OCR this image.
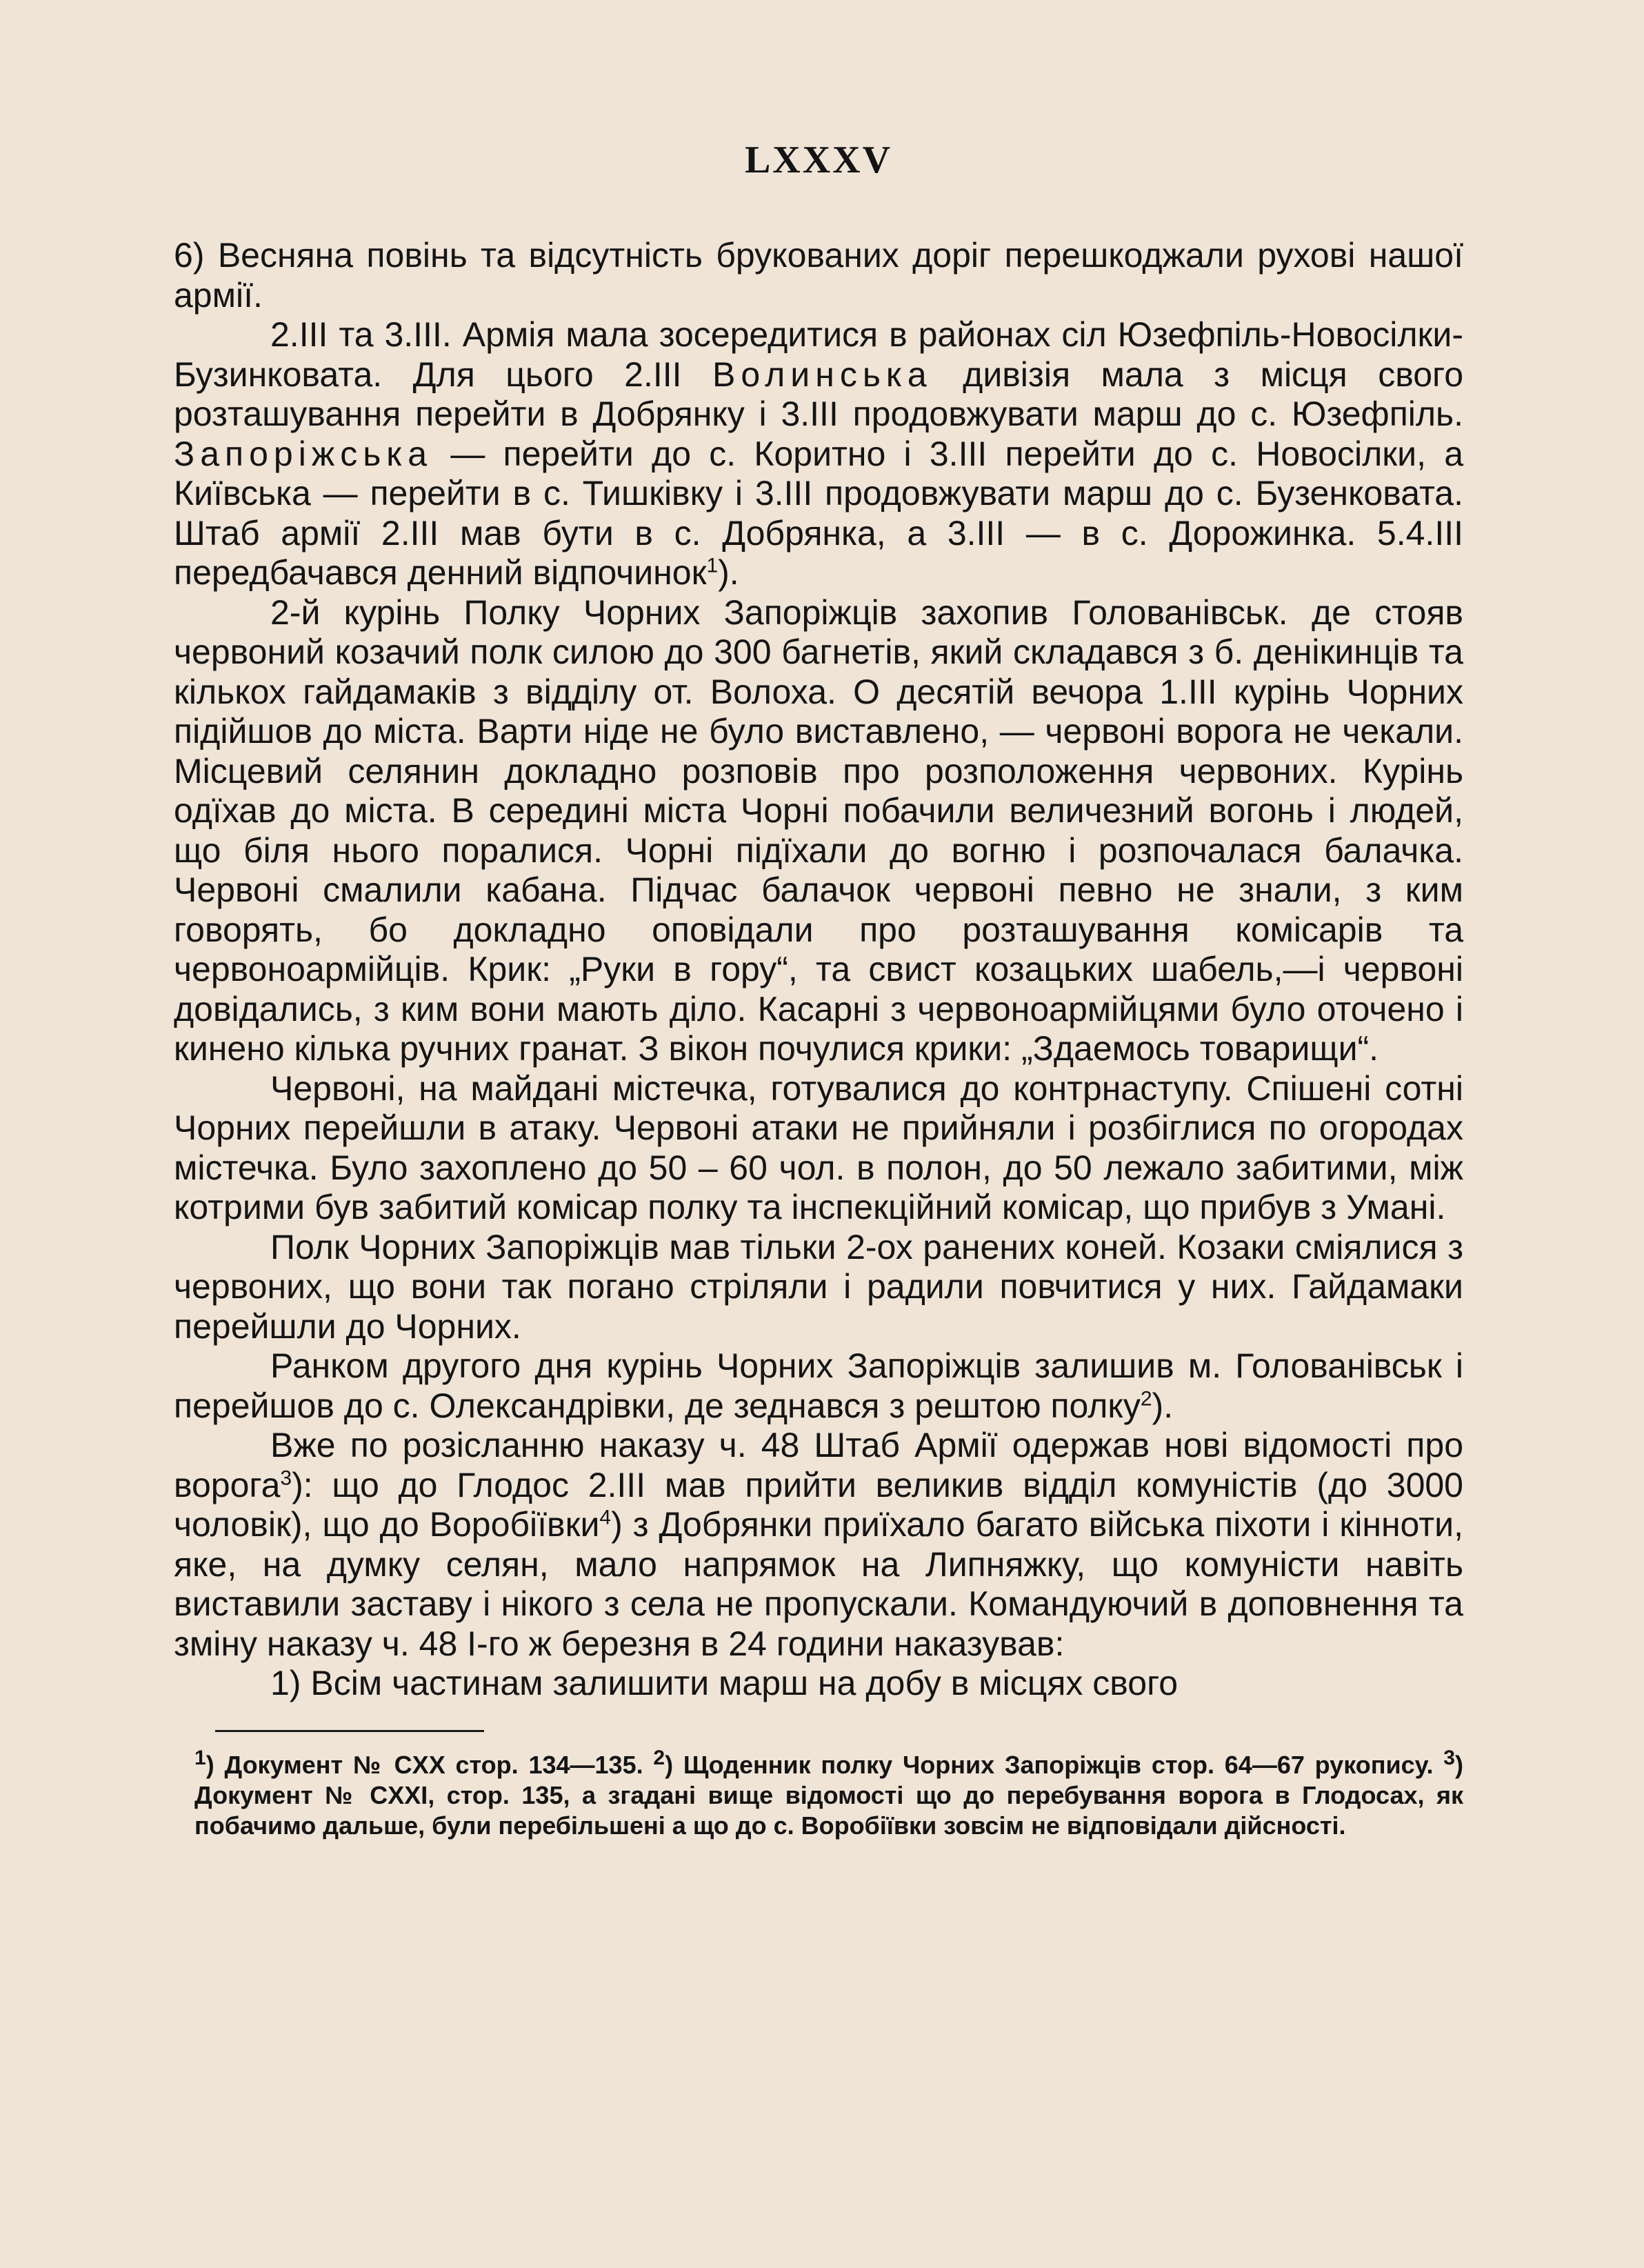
LXXXV

6) Весняна повінь та відсутність брукованих доріг перешкоджали рухові нашої армії.

2.III та 3.III. Армія мала зосередитися в районах сіл Юзефпіль-Новосілки-Бузинковата. Для цього 2.III Волинська дивізія мала з місця свого розташування перейти в Добрянку і 3.III продовжувати марш до с. Юзефпіль. Запоріжська — перейти до с. Коритно і 3.III перейти до с. Новосілки, а Київська — перейти в с. Тишківку і 3.III продовжувати марш до с. Бузенковата. Штаб армії 2.III мав бути в с. Добрянка, а 3.III — в с. Дорожинка. 5.4.III передбачався денний відпочинок$^1$).

2-й курінь Полку Чорних Запоріжців захопив Голованівськ. де стояв червоний козачий полк силою до 300 багнетів, який складався з б. денікинців та кількох гайдамаків з відділу от. Волоха. О десятій вечора 1.III курінь Чорних підійшов до міста. Варти ніде не було виставлено, — червоні ворога не чекали. Місцевий селянин докладно розповів про розположення червоних. Курінь одїхав до міста. В середині міста Чорні побачили величезний вогонь і людей, що біля нього поралися. Чорні підїхали до вогню і розпочалася балачка. Червоні смалили кабана. Підчас балачок червоні певно не знали, з ким говорять, бо докладно оповідали про розташування комісарів та червоноармійців. Крик: „Руки в гору“, та свист козацьких шабель,—і червоні довідались, з ким вони мають діло. Касарні з червоноармійцями було оточено і кинено кілька ручних гранат. З вікон почулися крики: „Здаемось товарищи“.

Червоні, на майдані містечка, готувалися до контрнаступу. Спішені сотні Чорних перейшли в атаку. Червоні атаки не прийняли і розбіглися по огородах містечка. Було захоплено до 50 – 60 чол. в полон, до 50 лежало забитими, між котрими був забитий комісар полку та інспекційний комісар, що прибув з Умані.

Полк Чорних Запоріжців мав тільки 2-ох ранених коней. Козаки сміялися з червоних, що вони так погано стріляли і радили повчитися у них. Гайдамаки перейшли до Чорних.

Ранком другого дня курінь Чорних Запоріжців залишив м. Голованівськ і перейшов до с. Олександрівки, де зеднався з рештою полку$^2$).

Вже по розісланню наказу ч. 48 Штаб Армії одержав нові відомості про ворога$^3$): що до Глодос 2.III мав прийти великив відділ комуністів (до 3000 чоловік), що до Воробіївки$^4$) з Добрянки приїхало багато війська піхоти і кінноти, яке, на думку селян, мало напрямок на Липняжку, що комуністи навіть виставили заставу і нікого з села не пропускали. Командуючий в доповнення та зміну наказу ч. 48 I-го ж березня в 24 години наказував:

1) Всім частинам залишити марш на добу в місцях свого

$^1$) Документ № CXX стор. 134—135. $^2$) Щоденник полку Чорних Запоріжців стор. 64—67 рукопису. $^3$) Документ № CXXI, стор. 135, а згадані вище відомості що до перебування ворога в Глодосах, як побачимо дальше, були перебільшені а що до с. Воробіївки зовсім не відповідали дійсності.
